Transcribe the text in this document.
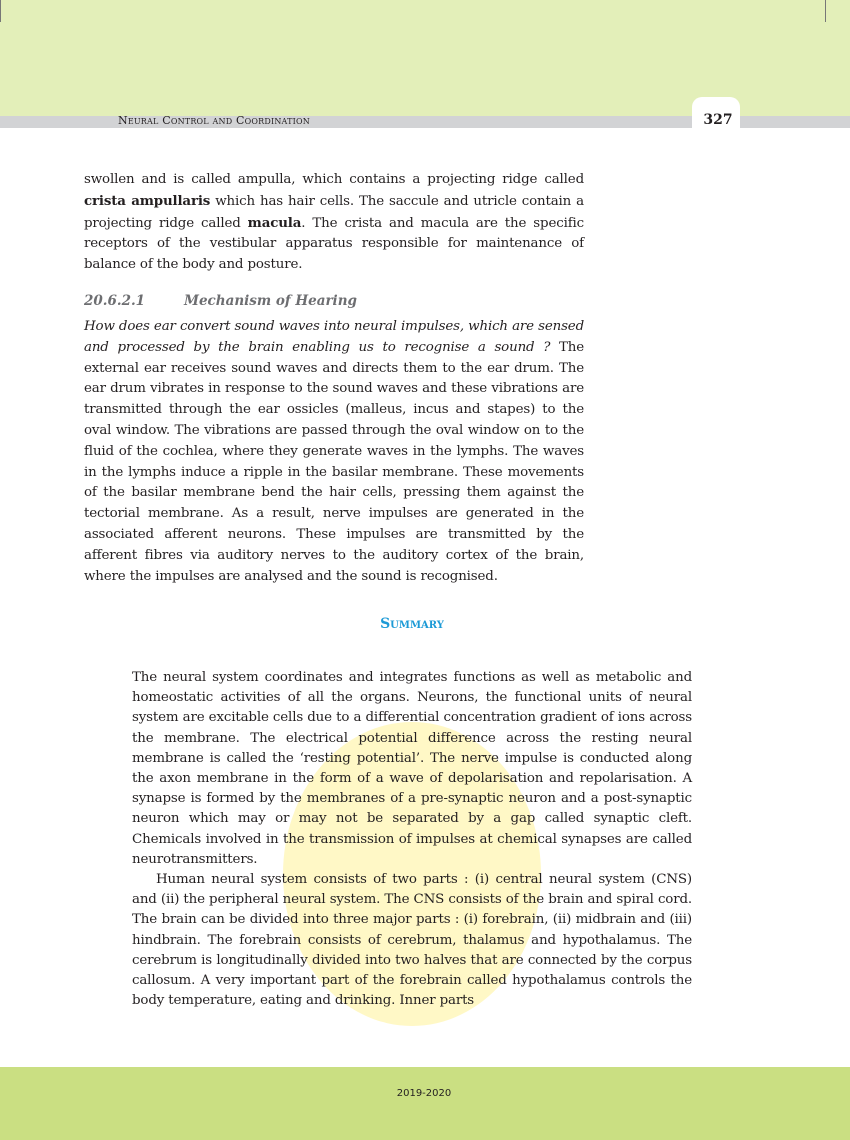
Neural Control and Coordination	327

swollen and is called ampulla, which contains a projecting ridge called crista ampullaris which has hair cells. The saccule and utricle contain a projecting ridge called macula. The crista and macula are the specific receptors of the vestibular apparatus responsible for maintenance of balance of the body and posture.

20.6.2.1	Mechanism of Hearing

How does ear convert sound waves into neural impulses, which are sensed and processed by the brain enabling us to recognise a sound ? The external ear receives sound waves and directs them to the ear drum. The ear drum vibrates in response to the sound waves and these vibrations are transmitted through the ear ossicles (malleus, incus and stapes) to the oval window. The vibrations are passed through the oval window on to the fluid of the cochlea, where they generate waves in the lymphs. The waves in the lymphs induce a ripple in the basilar membrane. These movements of the basilar membrane bend the hair cells, pressing them against the tectorial membrane. As a result, nerve impulses are generated in the associated afferent neurons. These impulses are transmitted by the afferent fibres via auditory nerves to the auditory cortex of the brain, where the impulses are analysed and the sound is recognised.

Summary

The neural system coordinates and integrates functions as well as metabolic and homeostatic activities of all the organs. Neurons, the functional units of neural system are excitable cells due to a differential concentration gradient of ions across the membrane. The electrical potential difference across the resting neural membrane is called the ‘resting potential’. The nerve impulse is conducted along the axon membrane in the form of a wave of depolarisation and repolarisation. A synapse is formed by the membranes of a pre-synaptic neuron and a post-synaptic neuron which may or may not be separated by a gap called synaptic cleft. Chemicals involved in the transmission of impulses at chemical synapses are called neurotransmitters.
Human neural system consists of two parts : (i) central neural system (CNS) and (ii) the peripheral neural system. The CNS consists of the brain and spiral cord. The brain can be divided into three major parts : (i) forebrain, (ii) midbrain and (iii) hindbrain. The forebrain consists of cerebrum, thalamus and hypothalamus. The cerebrum is longitudinally divided into two halves that are connected by the corpus callosum. A very important part of the forebrain called hypothalamus controls the body temperature, eating and drinking. Inner parts

2019-2020
